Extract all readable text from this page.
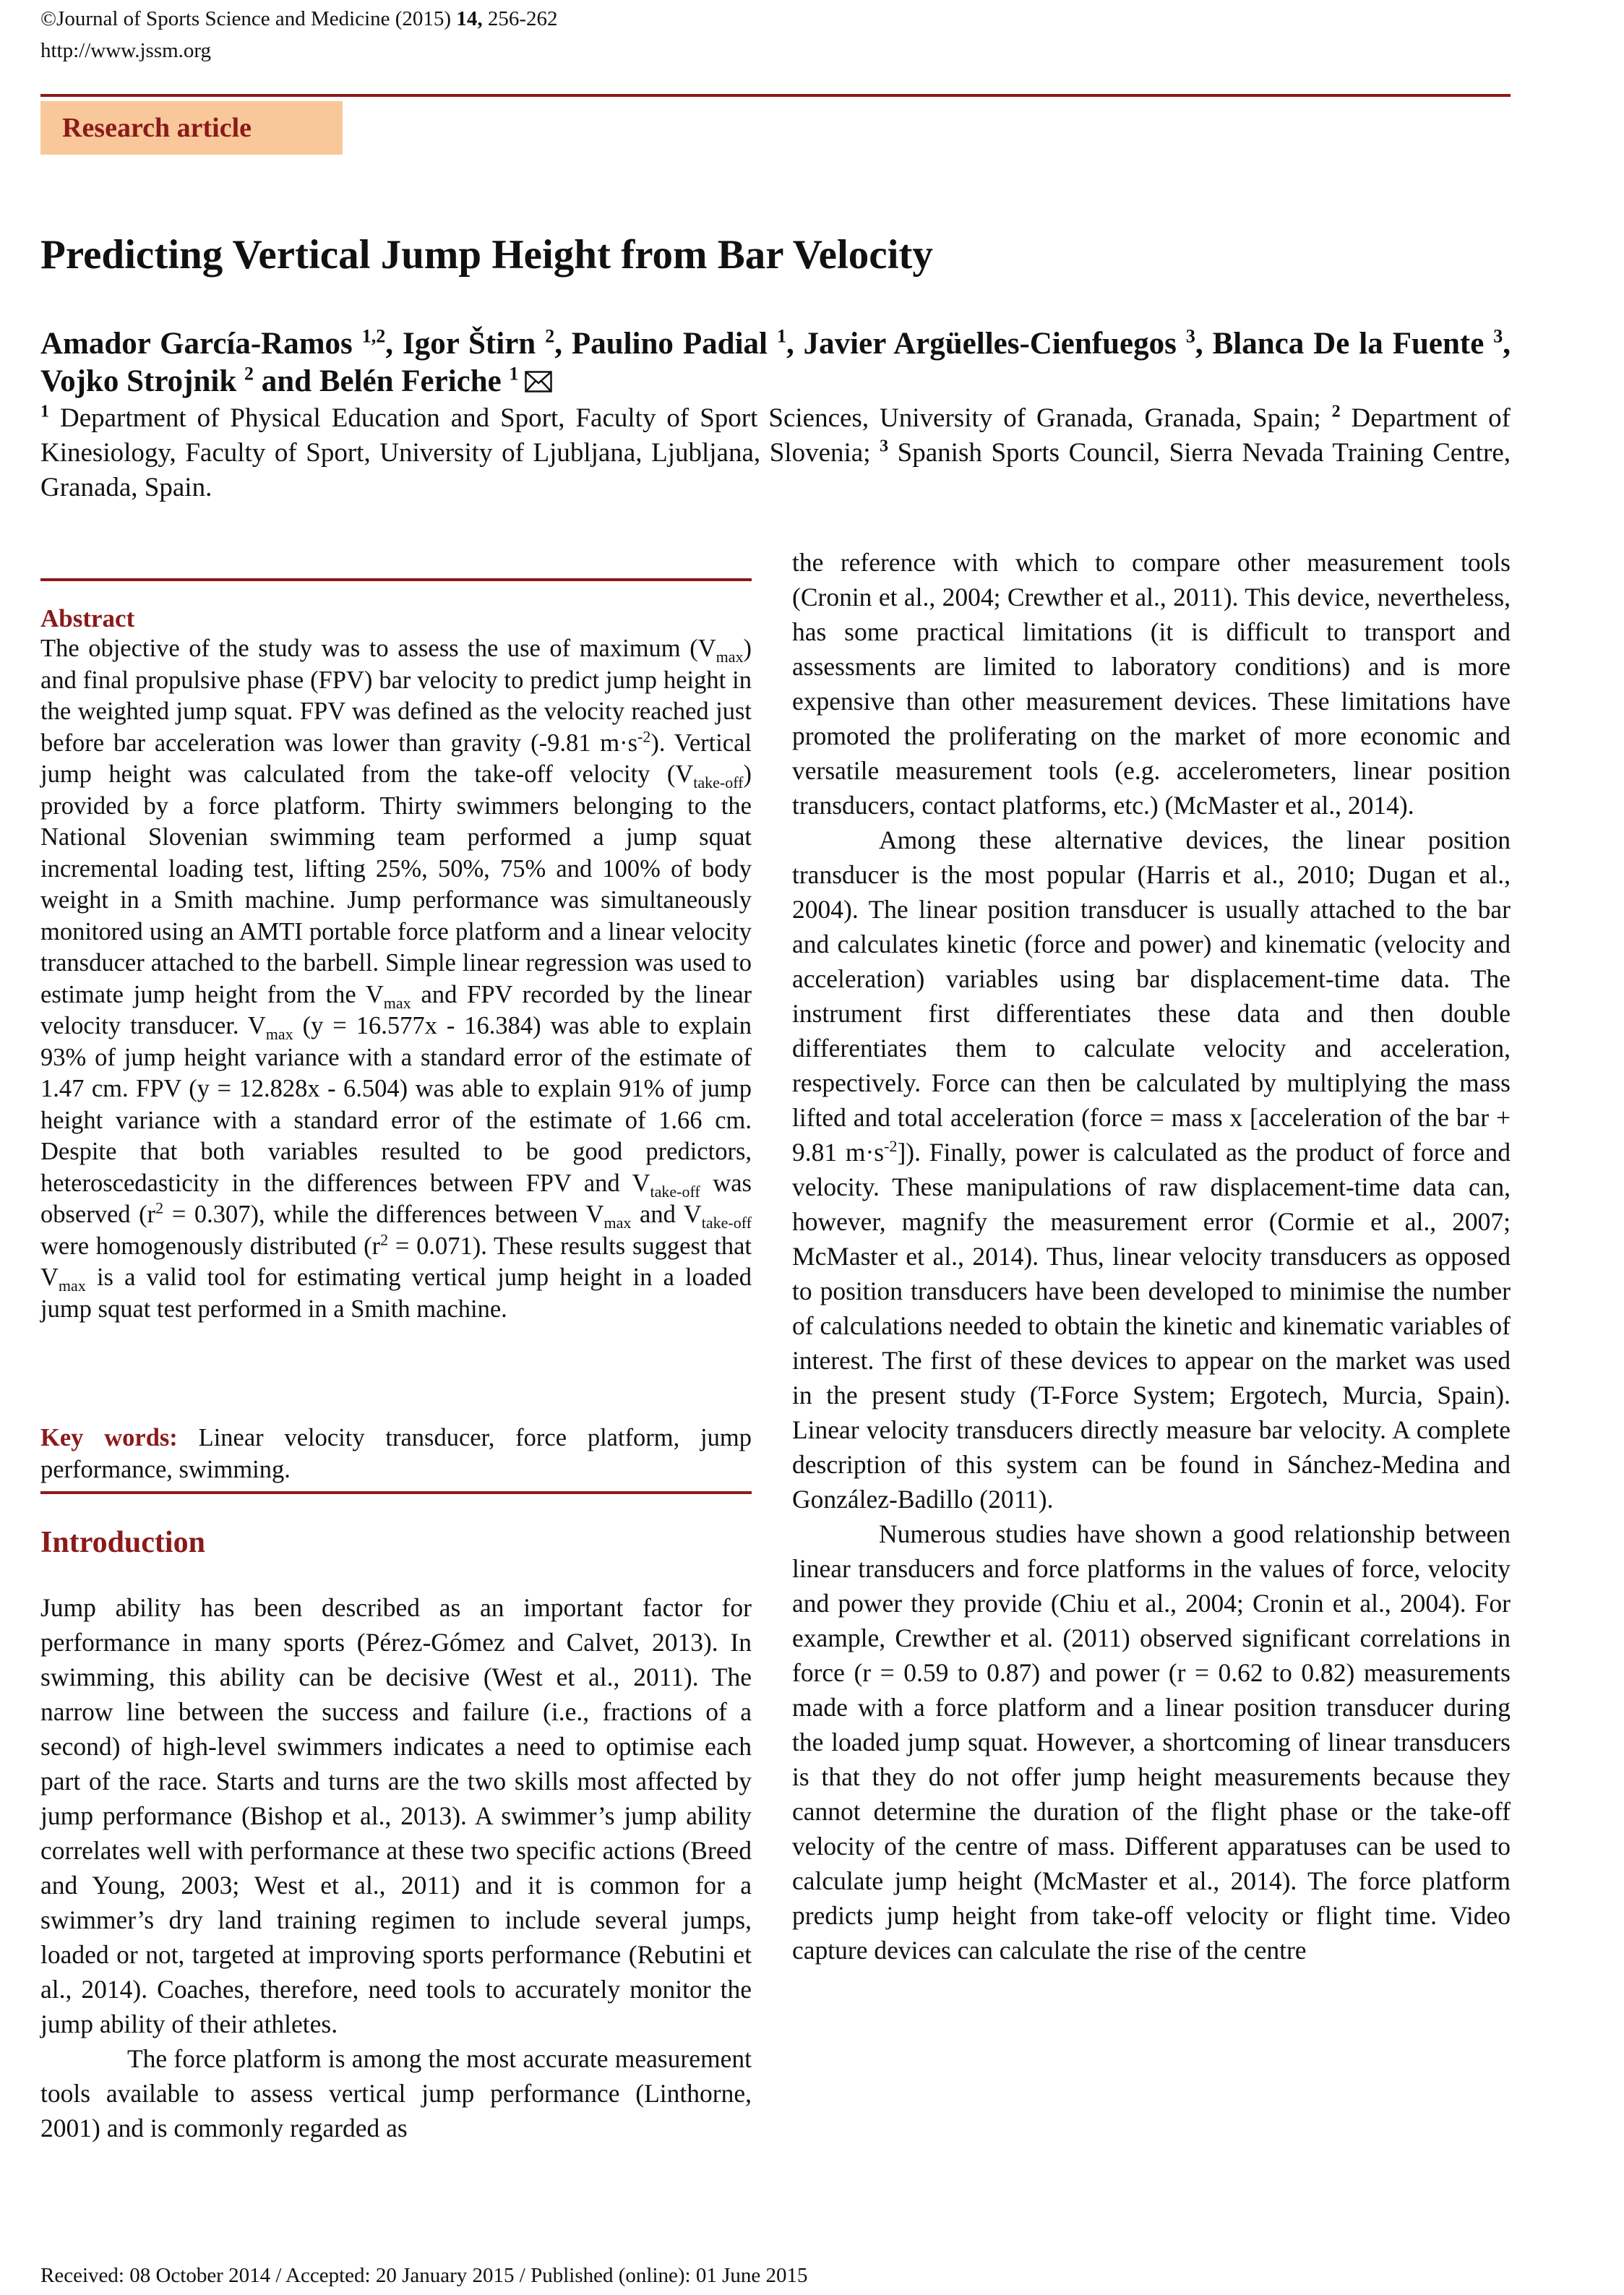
©Journal of Sports Science and Medicine (2015) 14, 256-262
http://www.jssm.org
Research article
Predicting Vertical Jump Height from Bar Velocity
Amador García-Ramos $^{1,2}$, Igor Štirn $^2$, Paulino Padial $^1$, Javier Argüelles-Cienfuegos $^3$, Blanca De la Fuente $^3$, Vojko Strojnik $^2$ and Belén Feriche $^1$
$^1$ Department of Physical Education and Sport, Faculty of Sport Sciences, University of Granada, Granada, Spain; $^2$ Department of Kinesiology, Faculty of Sport, University of Ljubljana, Ljubljana, Slovenia; $^3$ Spanish Sports Council, Sierra Nevada Training Centre, Granada, Spain.
Abstract
The objective of the study was to assess the use of maximum $(V_{max})$ and final propulsive phase (FPV) bar velocity to predict jump height in the weighted jump squat. FPV was defined as the velocity reached just before bar acceleration was lower than gravity (-9.81 $m\cdot s^{-2}$). Vertical jump height was calculated from the take-off velocity $(V_{take-off})$ provided by a force platform. Thirty swimmers belonging to the National Slovenian swimming team performed a jump squat incremental loading test, lifting 25%, 50%, 75% and 100% of body weight in a Smith machine. Jump performance was simultaneously monitored using an AMTI portable force platform and a linear velocity transducer attached to the barbell. Simple linear regression was used to estimate jump height from the $V_{max}$ and FPV recorded by the linear velocity transducer. $V_{max}$ (y = 16.577x - 16.384) was able to explain 93% of jump height variance with a standard error of the estimate of 1.47 cm. FPV (y = 12.828x - 6.504) was able to explain 91% of jump height variance with a standard error of the estimate of 1.66 cm. Despite that both variables resulted to be good predictors, heteroscedasticity in the differences between FPV and $V_{take-off}$ was observed $(r^2 = 0.307)$, while the differences between $V_{max}$ and $V_{take-off}$ were homogenously distributed $(r^2 = 0.071)$. These results suggest that $V_{max}$ is a valid tool for estimating vertical jump height in a loaded jump squat test performed in a Smith machine.
Key words: Linear velocity transducer, force platform, jump performance, swimming.
Introduction

Jump ability has been described as an important factor for performance in many sports (Pérez-Gómez and Calvet, 2013). In swimming, this ability can be decisive (West et al., 2011). The narrow line between the success and failure (i.e., fractions of a second) of high-level swimmers indicates a need to optimise each part of the race. Starts and turns are the two skills most affected by jump performance (Bishop et al., 2013). A swimmer’s jump ability correlates well with performance at these two specific actions (Breed and Young, 2003; West et al., 2011) and it is common for a swimmer’s dry land training regimen to include several jumps, loaded or not, targeted at improving sports performance (Rebutini et al., 2014). Coaches, therefore, need tools to accurately monitor the jump ability of their athletes.

The force platform is among the most accurate measurement tools available to assess vertical jump performance (Linthorne, 2001) and is commonly regarded as

the reference with which to compare other measurement tools (Cronin et al., 2004; Crewther et al., 2011). This device, nevertheless, has some practical limitations (it is difficult to transport and assessments are limited to laboratory conditions) and is more expensive than other measurement devices. These limitations have promoted the proliferating on the market of more economic and versatile measurement tools (e.g. accelerometers, linear position transducers, contact platforms, etc.) (McMaster et al., 2014).

Among these alternative devices, the linear position transducer is the most popular (Harris et al., 2010; Dugan et al., 2004). The linear position transducer is usually attached to the bar and calculates kinetic (force and power) and kinematic (velocity and acceleration) variables using bar displacement-time data. The instrument first differentiates these data and then double differentiates them to calculate velocity and acceleration, respectively. Force can then be calculated by multiplying the mass lifted and total acceleration (force = mass x [acceleration of the bar + 9.81 $m\cdot s^{-2}$]). Finally, power is calculated as the product of force and velocity. These manipulations of raw displacement-time data can, however, magnify the measurement error (Cormie et al., 2007; McMaster et al., 2014). Thus, linear velocity transducers as opposed to position transducers have been developed to minimise the number of calculations needed to obtain the kinetic and kinematic variables of interest. The first of these devices to appear on the market was used in the present study (T-Force System; Ergotech, Murcia, Spain). Linear velocity transducers directly measure bar velocity. A complete description of this system can be found in Sánchez-Medina and González-Badillo (2011).

Numerous studies have shown a good relationship between linear transducers and force platforms in the values of force, velocity and power they provide (Chiu et al., 2004; Cronin et al., 2004). For example, Crewther et al. (2011) observed significant correlations in force (r = 0.59 to 0.87) and power (r = 0.62 to 0.82) measurements made with a force platform and a linear position transducer during the loaded jump squat. However, a shortcoming of linear transducers is that they do not offer jump height measurements because they cannot determine the duration of the flight phase or the take-off velocity of the centre of mass. Different apparatuses can be used to calculate jump height (McMaster et al., 2014). The force platform predicts jump height from take-off velocity or flight time. Video capture devices can calculate the rise of the centre

Received: 08 October 2014 / Accepted: 20 January 2015 / Published (online): 01 June 2015
